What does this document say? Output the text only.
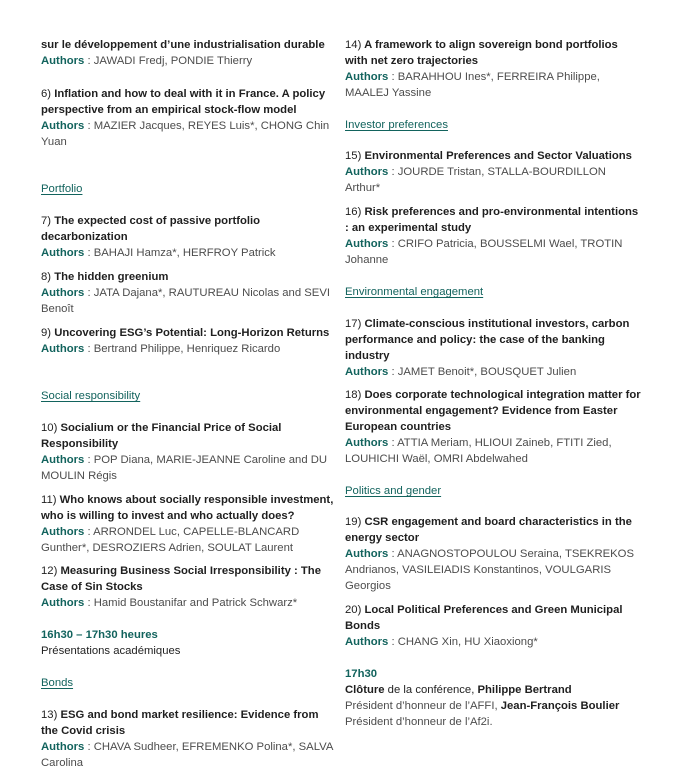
sur le développement d’une industrialisation durable
Authors : JAWADI Fredj, PONDIE Thierry
6) Inflation and how to deal with it in France. A policy perspective from an empirical stock-flow model
Authors : MAZIER Jacques, REYES Luis*, CHONG Chin Yuan
Portfolio
7) The expected cost of passive portfolio decarbonization
Authors : BAHAJI Hamza*, HERFROY Patrick
8) The hidden greenium
Authors : JATA Dajana*, RAUTUREAU Nicolas and SEVI Benoît
9) Uncovering ESG’s Potential: Long-Horizon Returns
Authors : Bertrand Philippe, Henriquez Ricardo
Social responsibility
10) Socialium or the Financial Price of Social Responsibility
Authors : POP Diana, MARIE-JEANNE Caroline and DU MOULIN Régis
11) Who knows about socially responsible investment, who is willing to invest and who actually does?
Authors : ARRONDEL Luc, CAPELLE-BLANCARD Gunther*, DESROZIERS Adrien, SOULAT Laurent
12) Measuring Business Social Irresponsibility : The Case of Sin Stocks
Authors : Hamid Boustanifar and Patrick Schwarz*
16h30 – 17h30 heures
Présentations académiques
Bonds
13) ESG and bond market resilience: Evidence from the Covid crisis
Authors : CHAVA Sudheer, EFREMENKO Polina*, SALVA Carolina
14) A framework to align sovereign bond portfolios with net zero trajectories
Authors : BARAHHOU Ines*, FERREIRA Philippe, MAALEJ Yassine
Investor preferences
15) Environmental Preferences and Sector Valuations
Authors : JOURDE Tristan, STALLA-BOURDILLON Arthur*
16) Risk preferences and pro-environmental intentions : an experimental study
Authors : CRIFO Patricia, BOUSSELMI Wael, TROTIN Johanne
Environmental engagement
17) Climate-conscious institutional investors, carbon performance and policy: the case of the banking industry
Authors : JAMET Benoit*, BOUSQUET Julien
18) Does corporate technological integration matter for environmental engagement? Evidence from Easter European countries
Authors : ATTIA Meriam, HLIOUI Zaineb, FTITI Zied, LOUHICHI Waël, OMRI Abdelwahed
Politics and gender
19) CSR engagement and board characteristics in the energy sector
Authors : ANAGNOSTOPOULOU Seraina, TSEKREKOS Andrianos, VASILEIADIS Konstantinos, VOULGARIS Georgios
20) Local Political Preferences and Green Municipal Bonds
Authors : CHANG Xin, HU Xiaoxiong*
17h30
Clôture de la conférence, Philippe Bertrand
Président d’honneur de l’AFFI, Jean-François Boulier Président d’honneur de l’Af2i.
